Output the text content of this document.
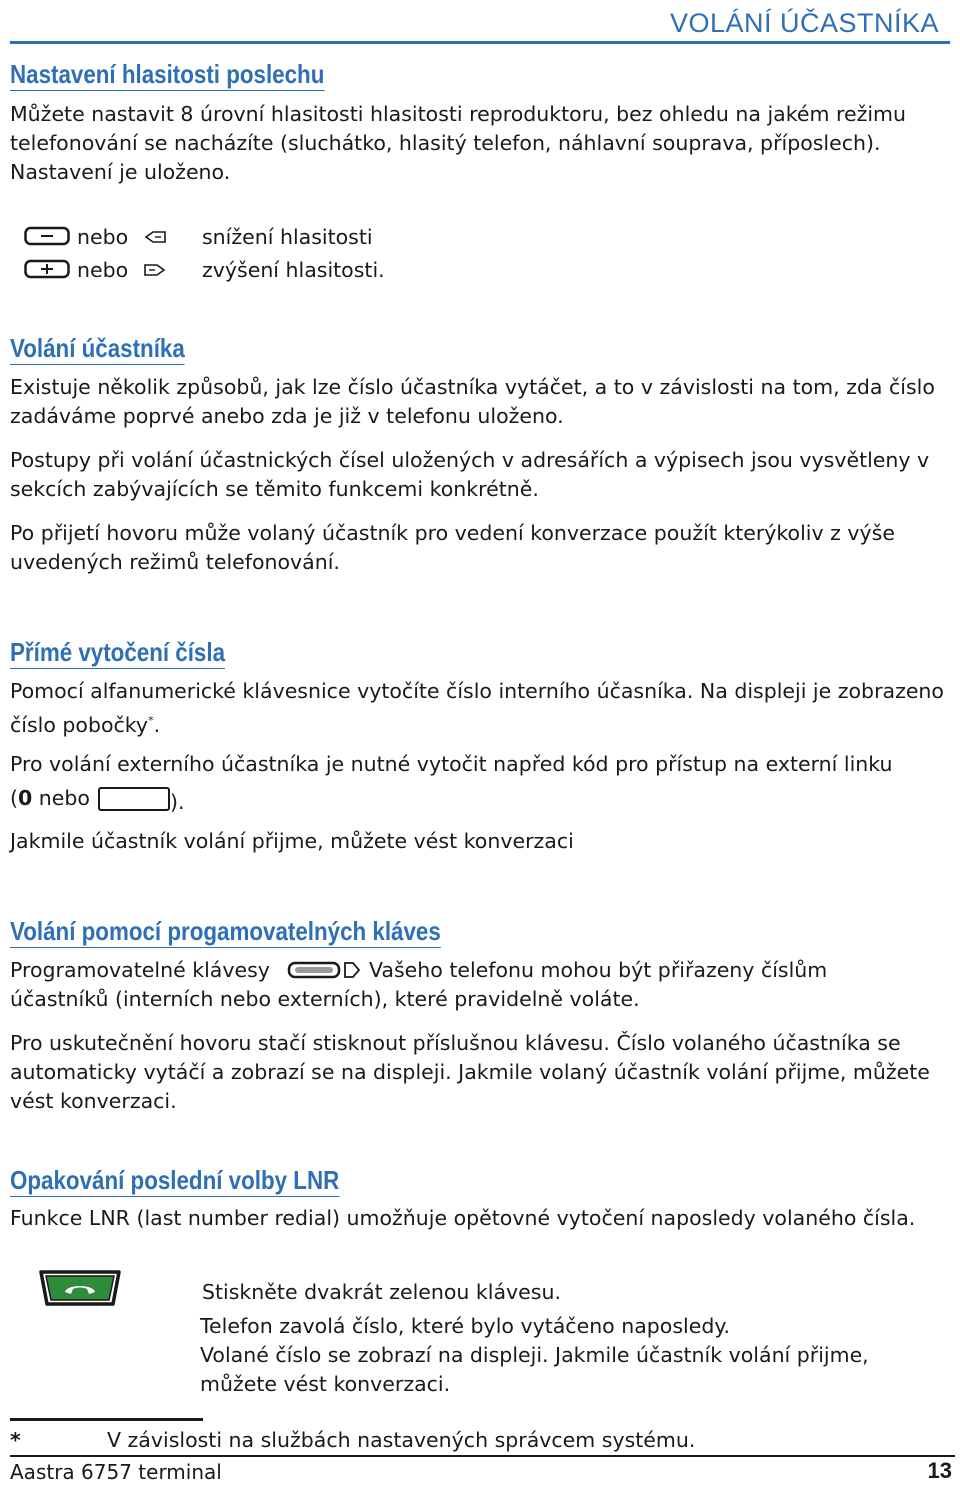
VOLÁNÍ ÚČASTNÍKA
Nastavení hlasitosti poslechu
Můžete nastavit 8 úrovní hlasitosti hlasitosti reproduktoru, bez ohledu na jakém režimu telefonování se nacházíte (sluchátko, hlasitý telefon, náhlavní souprava, příposlech). Nastavení je uloženo.
nebo	snížení hlasitosti
nebo	zvýšení hlasitosti.
Volání účastníka
Existuje několik způsobů, jak lze číslo účastníka vytáčet, a to v závislosti na tom, zda číslo zadáváme poprvé anebo zda je již v telefonu uloženo.
Postupy při volání účastnických čísel uložených v adresářích a výpisech jsou vysvětleny v sekcích zabývajících se těmito funkcemi konkrétně.
Po přijetí hovoru může volaný účastník pro vedení konverzace použít kterýkoliv z výše uvedených režimů telefonování.
Přímé vytočení čísla
Pomocí alfanumerické klávesnice vytočíte číslo interního účasníka. Na displeji je zobrazeno číslo pobočky*.
Pro volání externího účastníka je nutné vytočit napřed kód pro přístup na externí linku
(0 nebo	).
Jakmile účastník volání přijme, můžete vést konverzaci
Volání pomocí progamovatelných kláves
Programovatelné klávesy	Vašeho telefonu mohou být přiřazeny číslům
účastníků (interních nebo externích), které pravidelně voláte.
Pro uskutečnění hovoru stačí stisknout příslušnou klávesu. Číslo volaného účastníka se automaticky vytáčí a zobrazí se na displeji. Jakmile volaný účastník volání přijme, můžete vést konverzaci.
Opakování poslední volby LNR
Funkce LNR (last number redial) umožňuje opětovné vytočení naposledy volaného čísla.
Stiskněte dvakrát zelenou klávesu.
Telefon zavolá číslo, které bylo vytáčeno naposledy.
Volané číslo se zobrazí na displeji. Jakmile účastník volání přijme,
můžete vést konverzaci.
*	V závislosti na službách nastavených správcem systému.
Aastra 6757 terminal	13
